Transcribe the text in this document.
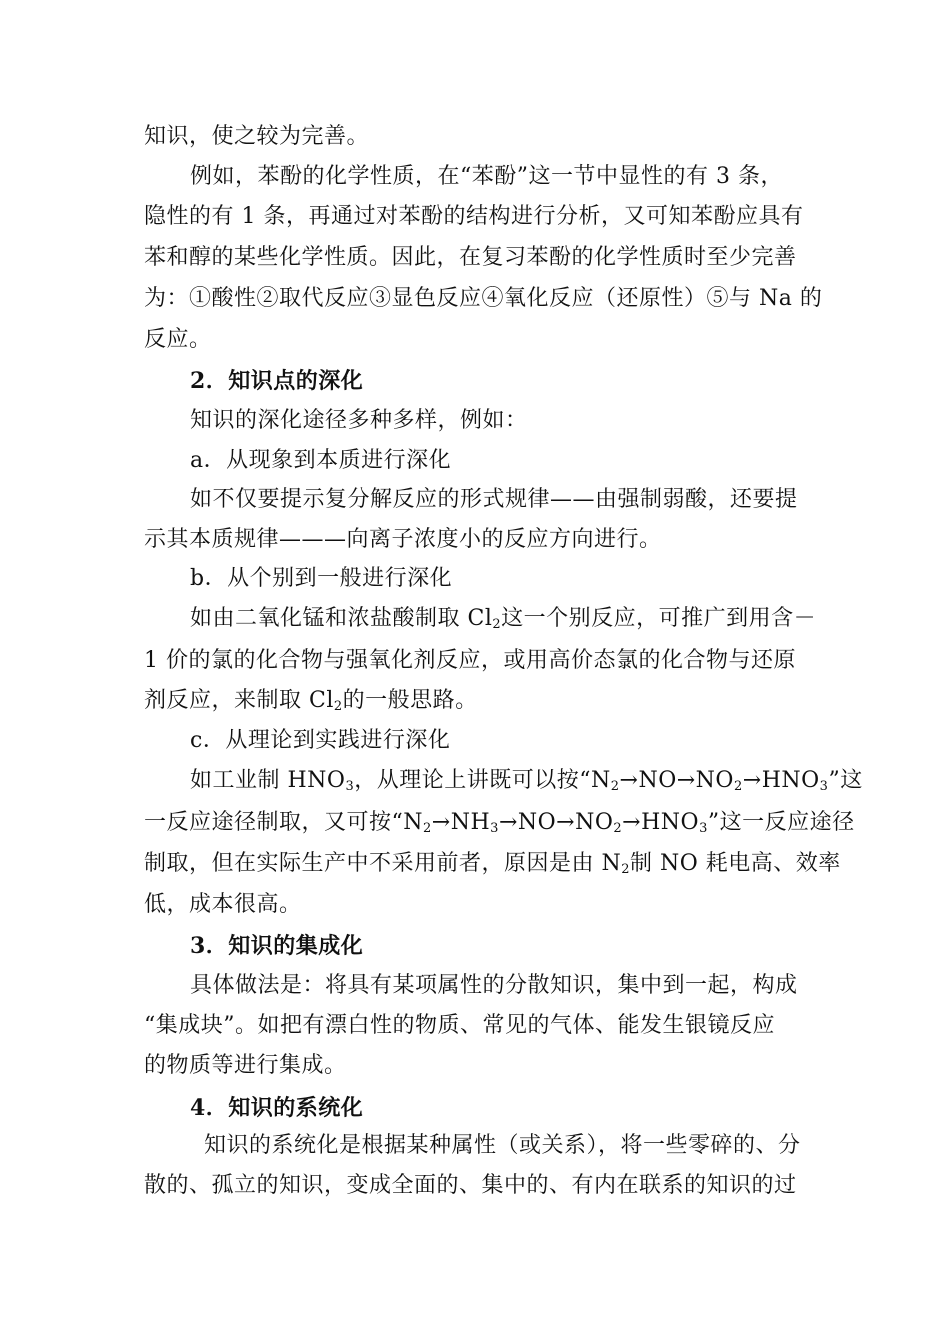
知识，使之较为完善。
例如，苯酚的化学性质，在“苯酚”这一节中显性的有 3 条，
隐性的有 1 条，再通过对苯酚的结构进行分析，又可知苯酚应具有
苯和醇的某些化学性质。因此，在复习苯酚的化学性质时至少完善
为：①酸性②取代反应③显色反应④氧化反应（还原性）⑤与 Na 的
反应。
2．知识点的深化
知识的深化途径多种多样，例如：
a．从现象到本质进行深化
如不仅要提示复分解反应的形式规律——由强制弱酸，还要提
示其本质规律———向离子浓度小的反应方向进行。
b．从个别到一般进行深化
如由二氧化锰和浓盐酸制取 $Cl_2$这一个别反应，可推广到用含－
1 价的氯的化合物与强氧化剂反应，或用高价态氯的化合物与还原
剂反应，来制取 $Cl_2$的一般思路。
c．从理论到实践进行深化
如工业制 $HNO_3$，从理论上讲既可以按“$N_2\to NO\to NO_2\to HNO_3$”这
一反应途径制取，又可按“$N_2\to NH_3\to NO\to NO_2\to HNO_3$”这一反应途径
制取，但在实际生产中不采用前者，原因是由 $N_2$制 NO 耗电高、效率
低，成本很高。
3．知识的集成化
具体做法是：将具有某项属性的分散知识，集中到一起，构成
“集成块”。如把有漂白性的物质、常见的气体、能发生银镜反应
的物质等进行集成。
4．知识的系统化
知识的系统化是根据某种属性（或关系），将一些零碎的、分
散的、孤立的知识，变成全面的、集中的、有内在联系的知识的过
